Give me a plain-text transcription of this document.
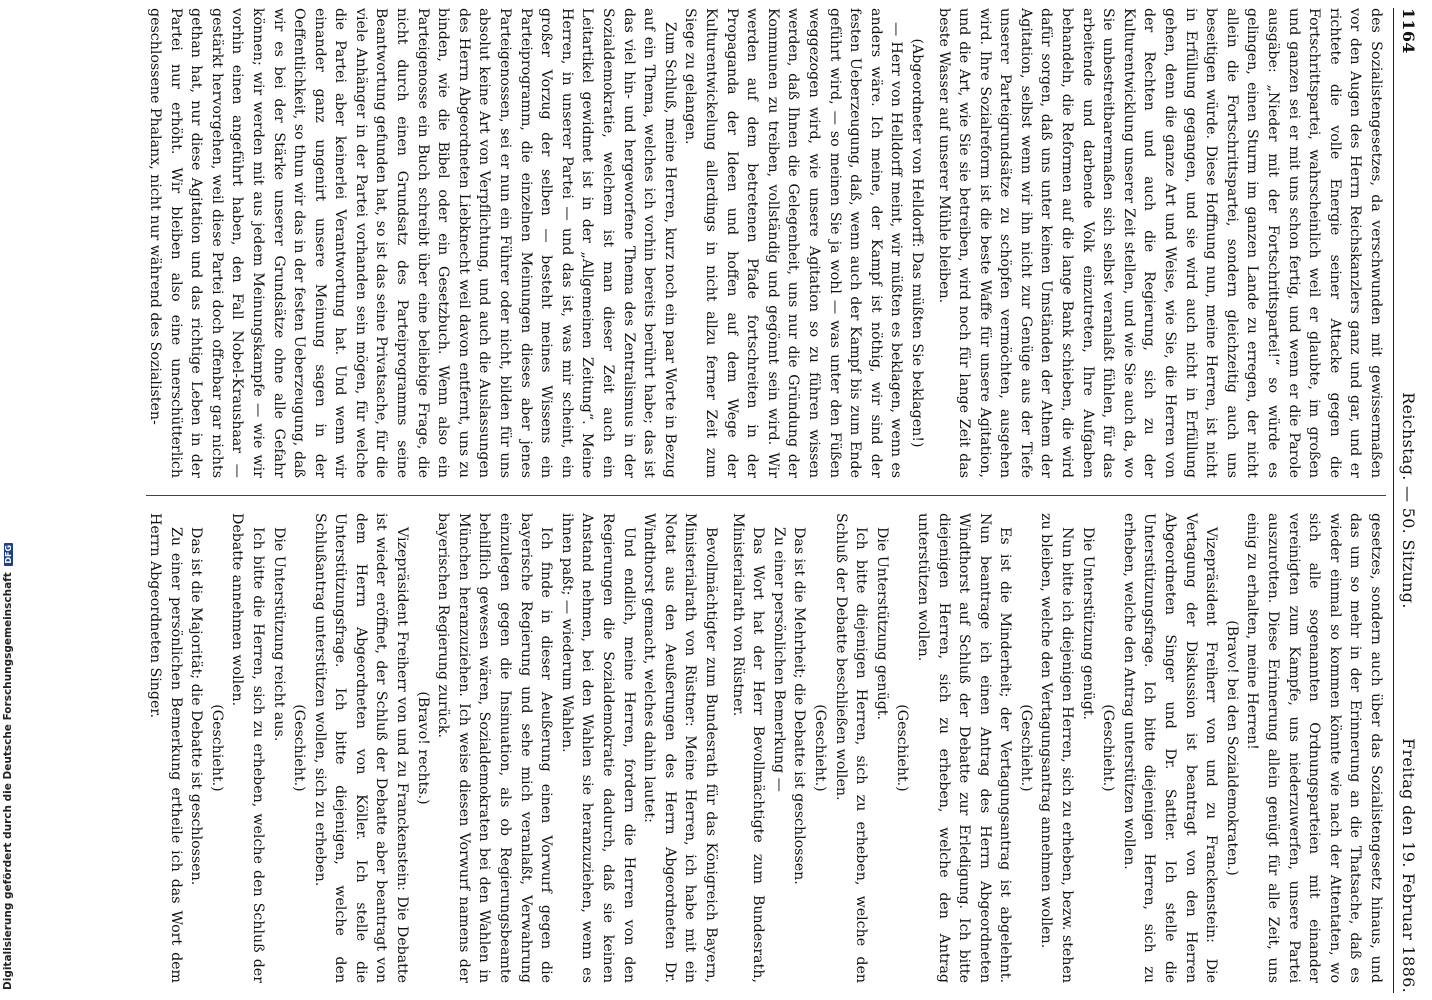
Digitalisierung gefördert durch die Deutsche Forschungsgemeinschaft DFG
1164
Reichstag. — 50. Sitzung.
Freitag den 19. Februar 1886.

des Sozialistengesetzes, da verschwunden mit gewissermaßen vor den Augen des Herrn Reichskanzlers ganz und gar, und er richtete die volle Energie seiner Attacke gegen die Fortschrittspartei, wahrscheinlich weil er glaubte, im großen und ganzen sei er mit uns schon fertig, und wenn er die Parole ausgäbe: „Nieder mit der Fortschrittspartei!“ so würde es gelingen, einen Sturm im ganzen Lande zu erregen, der nicht allein die Fortschrittspartei, sondern gleichzeitig auch uns beseitigen würde. Diese Hoffnung nun, meine Herren, ist nicht in Erfüllung gegangen, und sie wird auch nicht in Erfüllung gehen, denn die ganze Art und Weise, wie Sie, die Herren von der Rechten und auch die Regierung, sich zu der Kulturentwicklung unserer Zeit stellen, und wie Sie auch da, wo Sie unbestreitbarermaßen sich selbst veranlaßt fühlen, für das arbeitende und darbende Volk einzutreten, Ihre Aufgaben behandeln, die Reformen auf die lange Bank schieben, die wird dafür sorgen, daß uns unter keinen Umständen der Athem der Agitation, selbst wenn wir ihn nicht zur Genüge aus der Tiefe unserer Parteigrundsätze zu schöpfen vermöchten, ausgehen wird. Ihre Sozialreform ist die beste Waffe für unsere Agitation, und die Art, wie Sie sie betreiben, wird noch für lange Zeit das beste Wasser auf unserer Mühle bleiben.

(Abgeordneter von Helldorff: Das müßten Sie beklagen!)

— Herr von Helldorff meint, wir müßten es beklagen, wenn es anders wäre. Ich meine, der Kampf ist nöthig, wir sind der festen Ueberzeugung, daß, wenn auch der Kampf bis zum Ende geführt wird, — so meinen Sie ja wohl — was unter den Füßen weggezogen wird, wie unsere Agitation so zu führen wissen werden, daß Ihnen die Gelegenheit, uns nur die Gründung der Kommunen zu treiben, vollständig und gegönnt sein wird. Wir werden auf dem betretenen Pfade fortschreiten in der Propaganda der Ideen und hoffen auf dem Wege der Kulturentwickelung allerdings in nicht allzu ferner Zeit zum Siege zu gelangen.

Zum Schluß, meine Herren, kurz noch ein paar Worte in Bezug auf ein Thema, welches ich vorhin bereits berührt habe; das ist das viel hin- und hergeworfene Thema des Zentralismus in der Sozialdemokratie, welchem ist man dieser Zeit auch ein Leitartikel gewidmet ist in der „Allgemeinen Zeitung“. Meine Herren, in unserer Partei — und das ist, was mir scheint, ein großer Vorzug der selben — besteht meines Wissens ein Parteiprogramm, die einzelnen Meinungen dieses aber jenes Parteigenossen, sei er nun ein Führer oder nicht, bilden für uns absolut keine Art von Verpflichtung, und auch die Auslassungen des Herrn Abgeordneten Liebknecht weil davon entfernt, uns zu binden, wie die Bibel oder ein Gesetzbuch. Wenn also ein Parteigenosse ein Buch schreibt über eine beliebige Frage, die nicht durch einen Grundsatz des Parteiprogramms seine Beantwortung gefunden hat, so ist das seine Privatsache, für die viele Anhänger in der Partei vorhanden sein mögen, für welche die Partei aber keinerlei Verantwortung hat. Und wenn wir einander ganz ungenirt unsere Meinung sagen in der Oeffentlichkeit, so thun wir das in der festen Ueberzeugung, daß wir es bei der Stärke unserer Grundsätze ohne alle Gefahr können; wir werden mit aus jedem Meinungskampfe — wie wir vorhin einen angeführt haben, den Fall Nobel-Kraushaar — gestärkt hervorgehen, weil diese Partei doch offenbar gar nichts gethan hat, nur diese Agitation und das richtige Leben in der Partei nur erhöht. Wir bleiben also eine unerschütterlich geschlossene Phalanx, nicht nur während des Sozialisten-

gesetzes, sondern auch über das Sozialistengesetz hinaus, und das um so mehr in der Erinnerung an die Thatsache, daß es wieder einmal so kommen könnte wie nach der Attentaten, wo sich alle sogenannten Ordnungsparteien mit einander vereinigten zum Kampfe, uns niederzuwerfen, unsere Partei auszurotten. Diese Erinnerung allein genügt für alle Zeit, uns einig zu erhalten, meine Herren!

(Bravo! bei den Sozialdemokraten.)

Vizepräsident Freiherr von und zu Franckenstein: Die Vertagung der Diskussion ist beantragt von den Herren Abgeordneten Singer und Dr. Sattler. Ich stelle die Unterstützungsfrage. Ich bitte diejenigen Herren, sich zu erheben, welche den Antrag unterstützen wollen.

(Geschieht.)

Die Unterstützung genügt.

Nun bitte ich diejenigen Herren, sich zu erheben, bezw. stehen zu bleiben, welche den Vertagungsantrag annehmen wollen.

(Geschieht.)

Es ist die Minderheit; der Vertagungsantrag ist abgelehnt. Nun beantrage ich einen Antrag des Herrn Abgeordneten Windthorst auf Schluß der Debatte zur Erledigung. Ich bitte diejenigen Herren, sich zu erheben, welche den Antrag unterstützen wollen.

(Geschieht.)

Die Unterstützung genügt.

Ich bitte diejenigen Herren, sich zu erheben, welche den Schluß der Debatte beschließen wollen.

(Geschieht.)

Das ist die Mehrheit; die Debatte ist geschlossen.

Zu einer persönlichen Bemerkung —

Das Wort hat der Herr Bevollmächtigte zum Bundesrath, Ministerialrath von Rüstner.

Bevollmächtigter zum Bundesrath für das Königreich Bayern, Ministerialrath von Rüstner: Meine Herren, ich habe mit ein Notat aus den Aeußerungen des Herrn Abgeordneten Dr. Windthorst gemacht, welches dahin lautet:

Und endlich, meine Herren, fordern die Herren von den Regierungen die Sozialdemokratie dadurch, daß sie keinen Anstand nehmen, bei den Wahlen sie heranzuziehen, wenn es ihnen paßt; — wiederum Wahlen.

Ich finde in dieser Aeußerung einen Vorwurf gegen die bayerische Regierung und sehe mich veranlaßt, Verwahrung einzulegen gegen die Insinuation, als ob Regierungsbeamte behilflich gewesen wären, Sozialdemokraten bei den Wahlen in München heranzuziehen. Ich weise diesen Vorwurf namens der bayerischen Regierung zurück.

(Bravo! rechts.)

Vizepräsident Freiherr von und zu Franckenstein: Die Debatte ist wieder eröffnet, der Schluß der Debatte aber beantragt von dem Herrn Abgeordneten von Köller. Ich stelle die Unterstützungsfrage. Ich bitte diejenigen, welche den Schlußantrag unterstützen wollen, sich zu erheben.

(Geschieht.)

Die Unterstützung reicht aus.

Ich bitte die Herren, sich zu erheben, welche den Schluß der Debatte annehmen wollen.

(Geschieht.)

Das ist die Majorität; die Debatte ist geschlossen.

Zu einer persönlichen Bemerkung ertheile ich das Wort dem Herrn Abgeordneten Singer.
